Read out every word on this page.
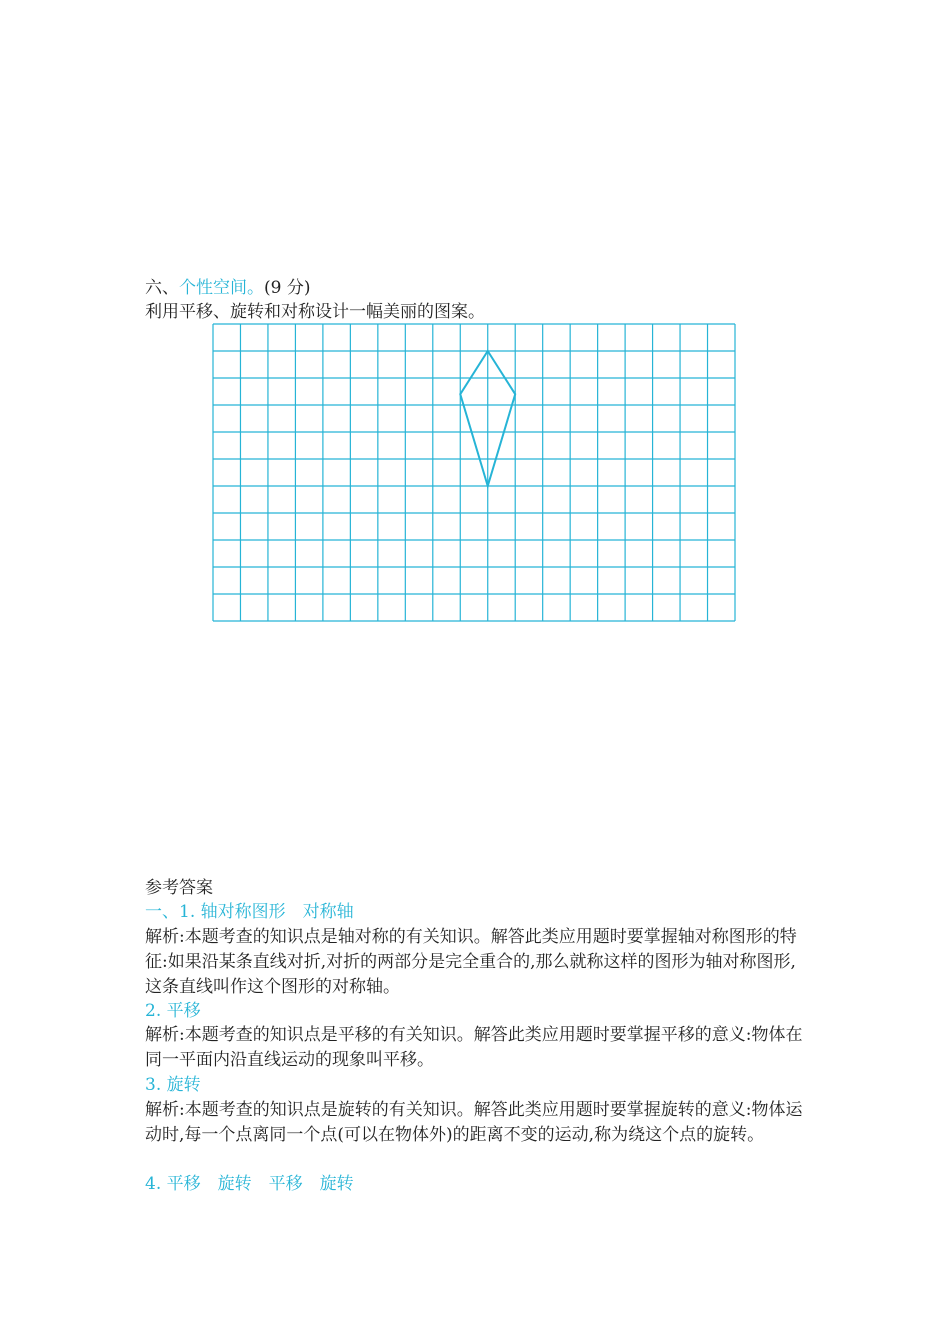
六、个性空间。(9 分)
利用平移、旋转和对称设计一幅美丽的图案。
参考答案
一、1. 轴对称图形　对称轴
解析:本题考查的知识点是轴对称的有关知识。解答此类应用题时要掌握轴对称图形的特征:如果沿某条直线对折,对折的两部分是完全重合的,那么就称这样的图形为轴对称图形,这条直线叫作这个图形的对称轴。
2. 平移
解析:本题考查的知识点是平移的有关知识。解答此类应用题时要掌握平移的意义:物体在同一平面内沿直线运动的现象叫平移。
3. 旋转
解析:本题考查的知识点是旋转的有关知识。解答此类应用题时要掌握旋转的意义:物体运动时,每一个点离同一个点(可以在物体外)的距离不变的运动,称为绕这个点的旋转。
4. 平移　旋转　平移　旋转
